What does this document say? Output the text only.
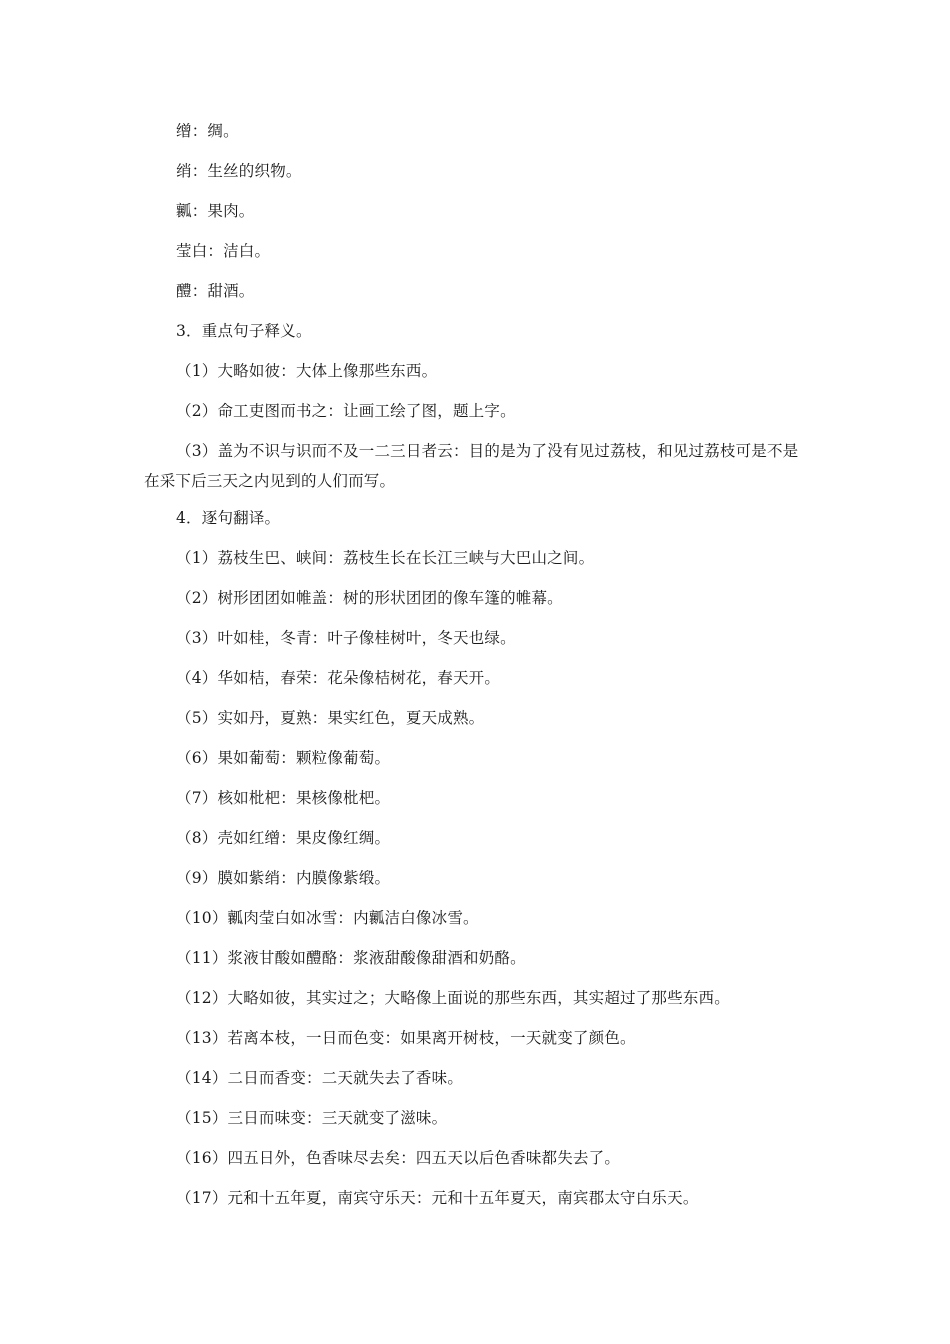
缯：绸。

绡：生丝的织物。

瓤：果肉。

莹白：洁白。

醴：甜酒。

3．重点句子释义。

（1）大略如彼：大体上像那些东西。

（2）命工吏图而书之：让画工绘了图，题上字。

（3）盖为不识与识而不及一二三日者云：目的是为了没有见过荔枝，和见过荔枝可是不是在采下后三天之内见到的人们而写。

4．逐句翻译。

（1）荔枝生巴、峡间：荔枝生长在长江三峡与大巴山之间。

（2）树形团团如帷盖：树的形状团团的像车篷的帷幕。

（3）叶如桂，冬青：叶子像桂树叶，冬天也绿。

（4）华如桔，春荣：花朵像桔树花，春天开。

（5）实如丹，夏熟：果实红色，夏天成熟。

（6）果如葡萄：颗粒像葡萄。

（7）核如枇杷：果核像枇杷。

（8）壳如红缯：果皮像红绸。

（9）膜如紫绡：内膜像紫缎。

（10）瓤肉莹白如冰雪：内瓤洁白像冰雪。

（11）浆液甘酸如醴酪：浆液甜酸像甜酒和奶酪。

（12）大略如彼，其实过之；大略像上面说的那些东西，其实超过了那些东西。

（13）若离本枝，一日而色变：如果离开树枝，一天就变了颜色。

（14）二日而香变：二天就失去了香味。

（15）三日而味变：三天就变了滋味。

（16）四五日外，色香味尽去矣：四五天以后色香味都失去了。

（17）元和十五年夏，南宾守乐天：元和十五年夏天，南宾郡太守白乐天。
